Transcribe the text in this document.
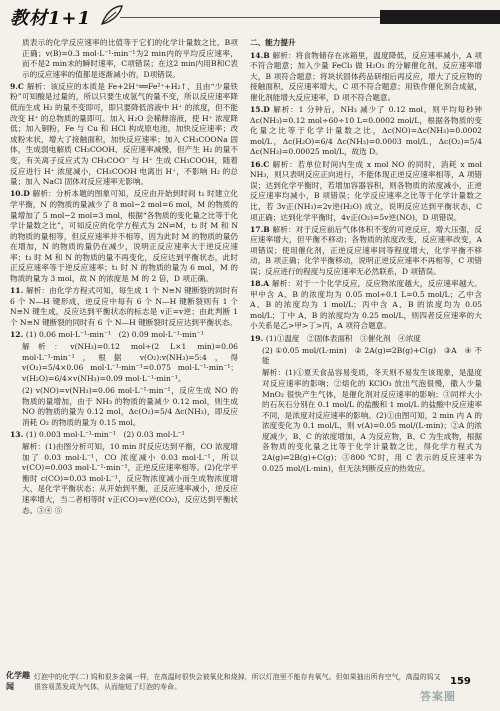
教材1+1

质表示的化学反应速率的比值等于它们的化学计量数之比，B项正确；v(B)=0.3 mol·L⁻¹·min⁻¹为2 min内的平均反应速率，而不是2 min末的瞬时速率，C项错误；在这2 min内用B和C表示的反应速率的值都是逐渐减小的，D项错误。

9.C 解析：该反应的本质是 Fe+2H⁺══Fe²⁺+H₂↑，且由“少量铁粉”可知酸是过量的，所以只要生成氢气的量不变，所以反应速率降低而生成 H₂ 的量不变即可，即只要降低溶液中 H⁺ 的浓度，但不能改变 H⁺ 的总物质的量即可。加入 H₂O 会稀释溶液，使 H⁺ 浓度降低；加入铜粉，Fe 与 Cu 和 HCl 构成原电池，加快反应速率；改成粉末状，增大了接触面积，加快反应速率；加入 CH₃COONa 固体，生成弱电解质 CH₃COOH，反应速率减慢，但产生 H₂ 的量不变，有关离子反应式为 CH₃COO⁻ 与 H⁺ 生成 CH₃COOH，随着反应进行 H⁺ 浓度减小，CH₃COOH 电离出 H⁺，不影响 H₂ 的总量；加入 NaCl 固体对反应速率无影响。

10.D 解析：分析本题的图象可知，反应由开始到时间 t₁ 时建立化学平衡，N 的物质的量减少了 8 mol−2 mol=6 mol，M 的物质的量增加了 5 mol−2 mol=3 mol，根据“各物质的变化量之比等于化学计量数之比”，可知反应的化学方程式为 2N⇌M，t₂ 时 M 和 N 的物质的量相等，但反应速率并不相等，因为此时 M 的物质的量仍在增加，N 的物质的量仍在减少，说明正反应速率大于逆反应速率；t₃ 时 M 和 N 的物质的量不再变化，反应达到平衡状态，此时正反应速率等于逆反应速率；t₁ 时 N 的物质的量为 6 mol，M 的物质的量为 3 mol，故 N 的浓度是 M 的 2 倍，D 项正确。

11. 解析：由化学方程式可知，每生成 1 个 N≡N 键断裂的同时有 6 个 N—H 键形成，逆反应中每有 6 个 N—H 键断裂则有 1 个 N≡N 键生成，反应达到平衡状态的标志是 v正=v逆；由此判断 1 个 N≡N 键断裂的同时有 6 个 N—H 键断裂时反应达到平衡状态。

12. (1) 0.06 mol·L⁻¹·min⁻¹　(2) 0.09 mol·L⁻¹·min⁻¹

解析：v(NH₃)=0.12 mol÷(2 L×1 min)=0.06 mol·L⁻¹·min⁻¹，根据 v(O₂):v(NH₃)=5:4，得 v(O₂)=5/4×0.06 mol·L⁻¹·min⁻¹=0.075 mol·L⁻¹·min⁻¹；v(H₂O)=6/4×v(NH₃)=0.09 mol·L⁻¹·min⁻¹。

(2) v(NO)=v(NH₃)=0.06 mol·L⁻¹·min⁻¹，反应生成 NO 的物质的量增加，由于 NH₃ 的物质的量减少 0.12 mol，则生成 NO 的物质的量为 0.12 mol，Δc(O₂)=5/4 Δc(NH₃)，即反应消耗 O₂ 的物质的量为 0.15 mol。

13. (1) 0.003 mol·L⁻¹·min⁻¹　(2) 0.03 mol·L⁻¹

解析：(1)由图分析可知，10 min 时反应达到平衡，CO 浓度增加了 0.03 mol·L⁻¹，CO 浓度减小 0.03 mol·L⁻¹，所以 v(CO)=0.003 mol·L⁻¹·min⁻¹，正逆反应速率相等。(2)化学平衡时 c(CO)=0.03 mol·L⁻¹，反应物浓度减小而生成物浓度增大，是化学平衡状态；从开始到平衡，正反应速率减小，逆反应速率增大，当二者相等时 v正(CO)=v逆(CO₂)，反应达到平衡状态。③④ ⑤

二、能力提升

14.B 解析：将食物储存在冰箱里，温度降低，反应速率减小，A 项不符合题意；加入少量 FeCl₃ 做 H₂O₂ 的分解催化剂，反应速率增大，B 项符合题意；将块状固体药品研细后再反应，增大了反应物的接触面积，反应速率增大，C 项不符合题意；用铁作催化剂合成氨，催化剂能增大反应速率，D 项不符合题意。

15.D 解析：1 分钟后，NH₃ 减少了 0.12 mol，则平均每秒钟 Δc(NH₃)=0.12 mol÷60÷10 L=0.0002 mol/L，根据各物质的变化量之比等于化学计量数之比，Δc(NO)=Δc(NH₃)=0.0002 mol/L，Δc(H₂O)=6/4 Δc(NH₃)=0.0003 mol/L，Δc(O₂)=5/4 Δc(NH₃)=0.00025 mol/L，故选 D。

16.C 解析：若单位时间内生成 x mol NO 的同时，消耗 x mol NH₃，则只表明反应正向进行，不能体现正逆反应速率相等，A 项错误；达到化学平衡时，若增加容器容积，则各物质的浓度减小，正逆反应速率均减小，B 项错误；化学反应速率之比等于化学计量数之比，若 3v正(NH₃)=2v逆(H₂O) 成立，说明反应达到平衡状态，C 项正确；达到化学平衡时，4v正(O₂)=5v逆(NO)，D 项错误。

17.B 解析：对于反应前后气体体积不变的可逆反应，增大压强，反应速率增大，但平衡不移动；各物质的浓度改变，反应速率改变，A 项错误；使用催化剂，正逆反应速率同等程度增大，化学平衡不移动，B 项正确；化学平衡移动，说明正逆反应速率不再相等，C 项错误；反应进行的程度与反应速率无必然联系，D 项错误。

18.A 解析：对于一个化学反应，反应物浓度越大，反应速率越大。甲中含 A、B 的浓度均为 0.05 mol÷0.1 L=0.5 mol/L；乙中含 A、B 的浓度均为 1 mol/L；丙中含 A、B 的浓度均为 0.05 mol/L；丁中 A、B 的浓度均为 0.25 mol/L，则四者反应速率的大小关系是乙>甲>丁>丙，A 项符合题意。

19. (1)①温度　②固体表面积　③催化剂　④浓度

(2) ①0.05 mol/(L·min)　② 2A(g)⇌2B(g)+C(g)　③A　④ 不能

解析：(1)①夏天食品容易变质，冬天则不易发生该现象，是温度对反应速率的影响；②熔化的 KClO₃ 放出气泡很慢，撒入少量 MnO₂ 很快产生气体，是催化剂对反应速率的影响；③同样大小的石灰石分别在 0.1 mol/L 的盐酸和 1 mol/L 的盐酸中反应速率不同，是浓度对反应速率的影响。(2)①由图可知，2 min 内 A 的浓度变化为 0.1 mol/L，则 v(A)=0.05 mol/(L·min)；②A 的浓度减少，B、C 的浓度增加，A 为反应物，B、C 为生成物，根据各物质的变化量之比等于化学计量数之比，得化学方程式为 2A(g)⇌2B(g)+C(g)；③800 ℃时，用 C 表示的反应速率为 0.025 mol/(L·min)，但无法判断反应的热效应。

化学趣闻
灯泡中的化学(二) 钨和很多金属一样，在高温时很快会被氧化和烧掉，所以灯泡里不能存有氧气。但如果抽出所有空气，高温的钨又很容易蒸发成为气体，从而缩短了灯泡的寿命。	159
答案圈
